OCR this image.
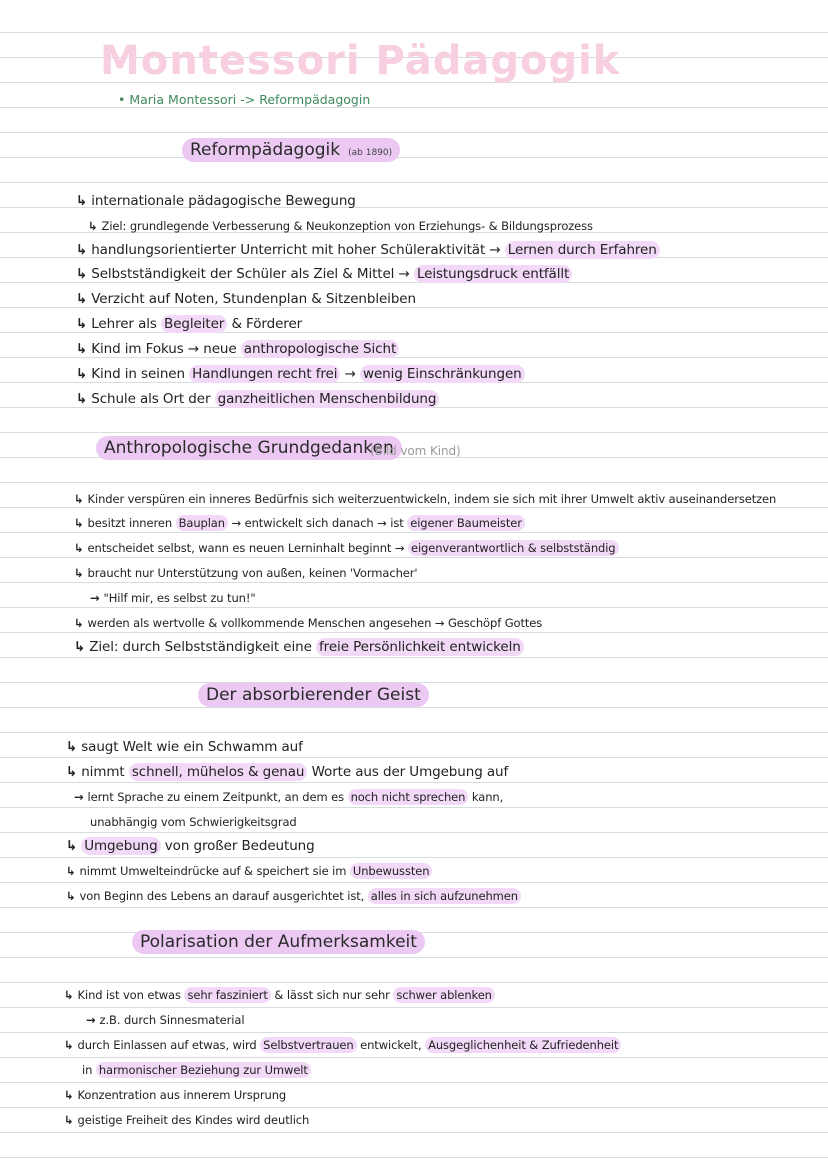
Montessori Pädagogik
• Maria Montessori -> Reformpädagogin
Reformpädagogik (ab 1890)
↳ internationale pädagogische Bewegung
↳ Ziel: grundlegende Verbesserung & Neukonzeption von Erziehungs- & Bildungsprozess
↳ handlungsorientierter Unterricht mit hoher Schüleraktivität → Lernen durch Erfahren
↳ Selbstständigkeit der Schüler als Ziel & Mittel → Leistungsdruck entfällt
↳ Verzicht auf Noten, Stundenplan & Sitzenbleiben
↳ Lehrer als Begleiter & Förderer
↳ Kind im Fokus → neue anthropologische Sicht
↳ Kind in seinen Handlungen recht frei → wenig Einschränkungen
↳ Schule als Ort der ganzheitlichen Menschenbildung
Anthropologische Grundgedanken
(Bild vom Kind)
↳ Kinder verspüren ein inneres Bedürfnis sich weiterzuentwickeln, indem sie sich mit ihrer Umwelt aktiv auseinandersetzen
↳ besitzt inneren Bauplan → entwickelt sich danach → ist eigener Baumeister
↳ entscheidet selbst, wann es neuen Lerninhalt beginnt → eigenverantwortlich & selbstständig
↳ braucht nur Unterstützung von außen, keinen 'Vormacher'
→ "Hilf mir, es selbst zu tun!"
↳ werden als wertvolle & vollkommende Menschen angesehen → Geschöpf Gottes
↳ Ziel: durch Selbstständigkeit eine freie Persönlichkeit entwickeln
Der absorbierender Geist
↳ saugt Welt wie ein Schwamm auf
↳ nimmt schnell, mühelos & genau Worte aus der Umgebung auf
→ lernt Sprache zu einem Zeitpunkt, an dem es noch nicht sprechen kann,
unabhängig vom Schwierigkeitsgrad
↳ Umgebung von großer Bedeutung
↳ nimmt Umwelteindrücke auf & speichert sie im Unbewussten
↳ von Beginn des Lebens an darauf ausgerichtet ist, alles in sich aufzunehmen
Polarisation der Aufmerksamkeit
↳ Kind ist von etwas sehr fasziniert & lässt sich nur sehr schwer ablenken
→ z.B. durch Sinnesmaterial
↳ durch Einlassen auf etwas, wird Selbstvertrauen entwickelt, Ausgeglichenheit & Zufriedenheit
in harmonischer Beziehung zur Umwelt
↳ Konzentration aus innerem Ursprung
↳ geistige Freiheit des Kindes wird deutlich
